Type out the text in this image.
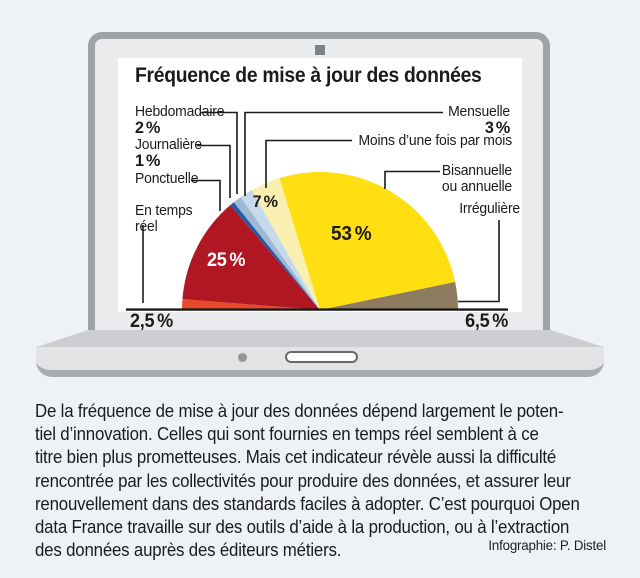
Fréquence de mise à jour des données
Hebdomadaire
2 %
Journalière
1 %
Ponctuelle
En temps réel
Mensuelle
3 %
Moins d’une fois par mois
Bisannuelle ou annuelle
Irrégulière
25 %
7 %
53 %
2,5 %	6,5 %
De la fréquence de mise à jour des données dépend largement le poten-
tiel d’innovation. Celles qui sont fournies en temps réel semblent à ce
titre bien plus prometteuses. Mais cet indicateur révèle aussi la difficulté
rencontrée par les collectivités pour produire des données, et assurer leur
renouvellement dans des standards faciles à adopter. C’est pourquoi Open
data France travaille sur des outils d’aide à la production, ou à l’extraction
des données auprès des éditeurs métiers.	Infographie: P. Distel
